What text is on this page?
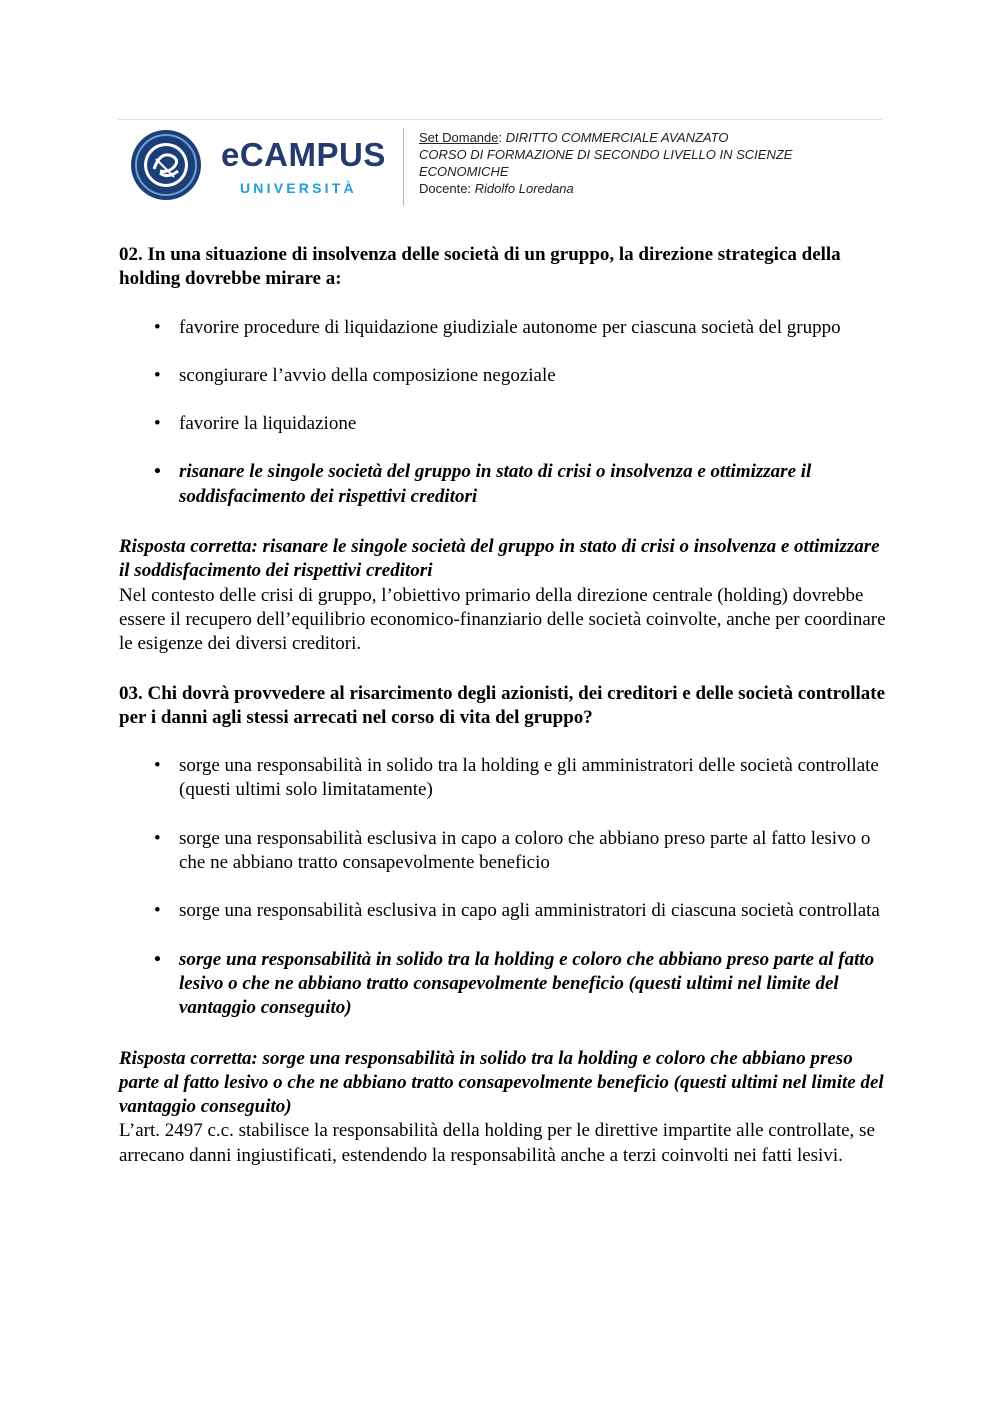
eCAMPUS
UNIVERSITÀ
Set Domande: DIRITTO COMMERCIALE AVANZATO
CORSO DI FORMAZIONE DI SECONDO LIVELLO IN SCIENZE
ECONOMICHE
Docente: Ridolfo Loredana

02. In una situazione di insolvenza delle società di un gruppo, la direzione strategica della holding dovrebbe mirare a:

• favorire procedure di liquidazione giudiziale autonome per ciascuna società del gruppo
• scongiurare l’avvio della composizione negoziale
• favorire la liquidazione
• risanare le singole società del gruppo in stato di crisi o insolvenza e ottimizzare il soddisfacimento dei rispettivi creditori

Risposta corretta: risanare le singole società del gruppo in stato di crisi o insolvenza e ottimizzare il soddisfacimento dei rispettivi creditori

Nel contesto delle crisi di gruppo, l’obiettivo primario della direzione centrale (holding) dovrebbe essere il recupero dell’equilibrio economico-finanziario delle società coinvolte, anche per coordinare le esigenze dei diversi creditori.

03. Chi dovrà provvedere al risarcimento degli azionisti, dei creditori e delle società controllate per i danni agli stessi arrecati nel corso di vita del gruppo?

• sorge una responsabilità in solido tra la holding e gli amministratori delle società controllate (questi ultimi solo limitatamente)
• sorge una responsabilità esclusiva in capo a coloro che abbiano preso parte al fatto lesivo o che ne abbiano tratto consapevolmente beneficio
• sorge una responsabilità esclusiva in capo agli amministratori di ciascuna società controllata
• sorge una responsabilità in solido tra la holding e coloro che abbiano preso parte al fatto lesivo o che ne abbiano tratto consapevolmente beneficio (questi ultimi nel limite del vantaggio conseguito)

Risposta corretta: sorge una responsabilità in solido tra la holding e coloro che abbiano preso parte al fatto lesivo o che ne abbiano tratto consapevolmente beneficio (questi ultimi nel limite del vantaggio conseguito)

L’art. 2497 c.c. stabilisce la responsabilità della holding per le direttive impartite alle controllate, se arrecano danni ingiustificati, estendendo la responsabilità anche a terzi coinvolti nei fatti lesivi.
